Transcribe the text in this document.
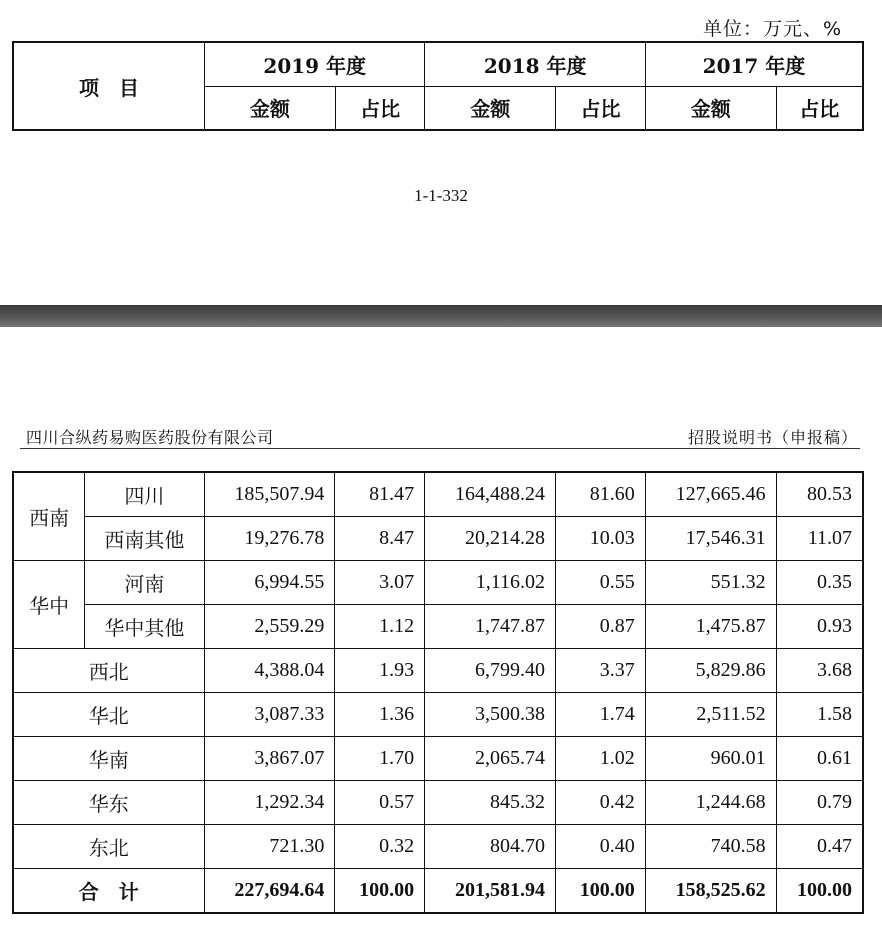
单位：万元、%
项　目	2019 年度		2018 年度		2017 年度	
	金额	占比	金额	占比	金额	占比
1-1-332
四川合纵药易购医药股份有限公司	招股说明书（申报稿）
西南	四川	185,507.94	81.47	164,488.24	81.60	127,665.46	80.53
	西南其他	19,276.78	8.47	20,214.28	10.03	17,546.31	11.07
华中	河南	6,994.55	3.07	1,116.02	0.55	551.32	0.35
	华中其他	2,559.29	1.12	1,747.87	0.87	1,475.87	0.93
西北		4,388.04	1.93	6,799.40	3.37	5,829.86	3.68
华北		3,087.33	1.36	3,500.38	1.74	2,511.52	1.58
华南		3,867.07	1.70	2,065.74	1.02	960.01	0.61
华东		1,292.34	0.57	845.32	0.42	1,244.68	0.79
东北		721.30	0.32	804.70	0.40	740.58	0.47
合　计		227,694.64	100.00	201,581.94	100.00	158,525.62	100.00
